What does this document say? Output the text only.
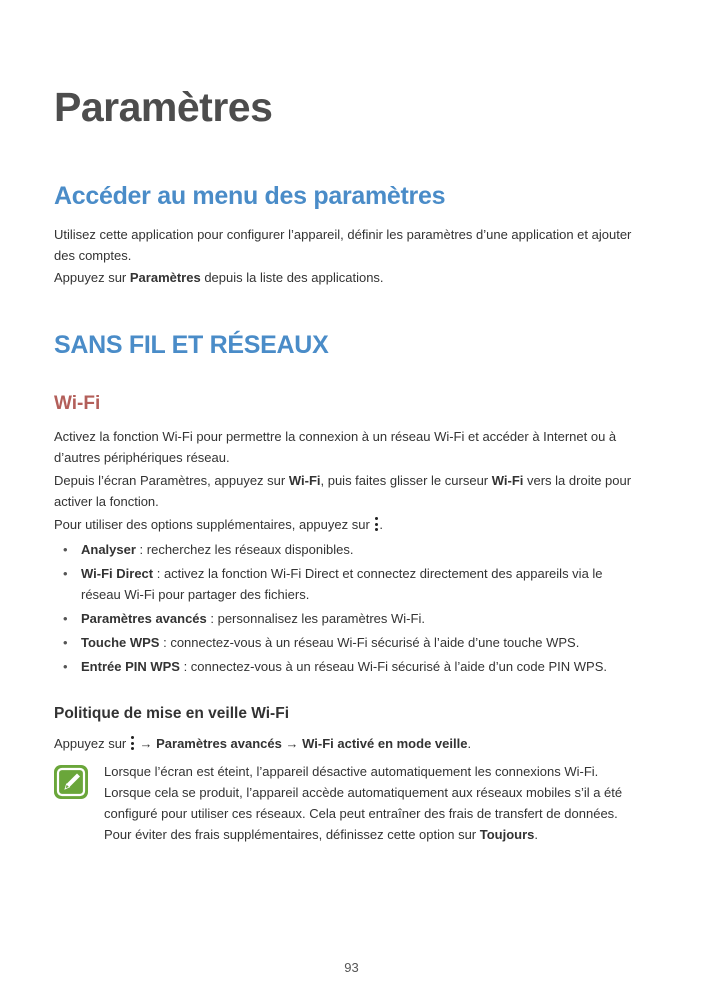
Paramètres
Accéder au menu des paramètres

Utilisez cette application pour configurer l’appareil, définir les paramètres d’une application et ajouter des comptes.

Appuyez sur Paramètres depuis la liste des applications.

SANS FIL ET RÉSEAUX
Wi-Fi

Activez la fonction Wi-Fi pour permettre la connexion à un réseau Wi-Fi et accéder à Internet ou à d’autres périphériques réseau.

Depuis l’écran Paramètres, appuyez sur Wi-Fi, puis faites glisser le curseur Wi-Fi vers la droite pour activer la fonction.

Pour utiliser des options supplémentaires, appuyez sur
.

• Analyser : recherchez les réseaux disponibles.
• Wi-Fi Direct : activez la fonction Wi-Fi Direct et connectez directement des appareils via le réseau Wi-Fi pour partager des fichiers.
• Paramètres avancés : personnalisez les paramètres Wi-Fi.
• Touche WPS : connectez-vous à un réseau Wi-Fi sécurisé à l’aide d’une touche WPS.
• Entrée PIN WPS : connectez-vous à un réseau Wi-Fi sécurisé à l’aide d’un code PIN WPS.
Politique de mise en veille Wi-Fi

Appuyez sur
→ Paramètres avancés → Wi-Fi activé en mode veille.

Lorsque l’écran est éteint, l’appareil désactive automatiquement les connexions Wi-Fi. Lorsque cela se produit, l’appareil accède automatiquement aux réseaux mobiles s’il a été configuré pour utiliser ces réseaux. Cela peut entraîner des frais de transfert de données. Pour éviter des frais supplémentaires, définissez cette option sur Toujours.

93
